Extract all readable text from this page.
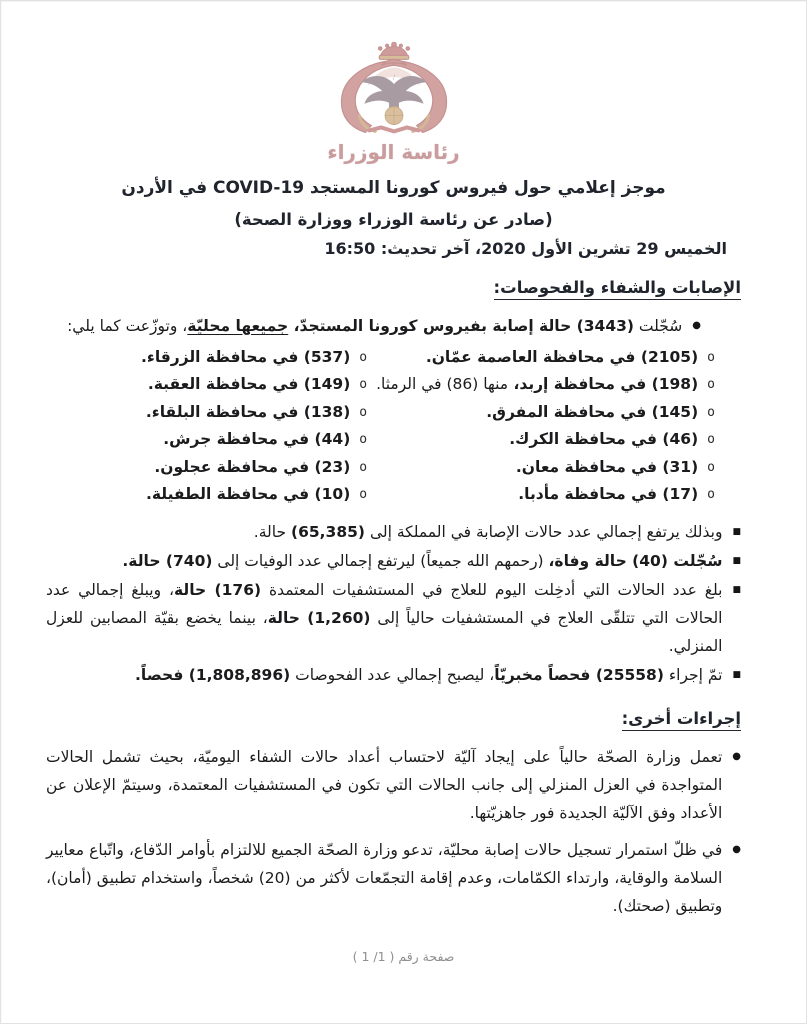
رئاسة الوزراء
موجز إعلامي حول فيروس كورونا المستجد COVID-19 في الأردن
(صادر عن رئاسة الوزراء ووزارة الصحة)
الخميس 29 تشرين الأول 2020، آخر تحديث: 16:50
الإصابات والشفاء والفحوصات:
●
سُجّلت (3443) حالة إصابة بفيروس كورونا المستجدّ، جميعها محليّة، وتوزّعت كما يلي:
o
(2105) في محافظة العاصمة عمّان.
o
(198) في محافظة إربد، منها (86) في الرمثا.
o
(145) في محافظة المفرق.
o
(46) في محافظة الكرك.
o
(31) في محافظة معان.
o
(17) في محافظة مأدبا.
o
(537) في محافظة الزرقاء.
o
(149) في محافظة العقبة.
o
(138) في محافظة البلقاء.
o
(44) في محافظة جرش.
o
(23) في محافظة عجلون.
o
(10) في محافظة الطفيلة.
■
وبذلك يرتفع إجمالي عدد حالات الإصابة في المملكة إلى (65,385) حالة.
■
سُجّلت (40) حالة وفاة، (رحمهم الله جميعاً) ليرتفع إجمالي عدد الوفيات إلى (740) حالة.
■
بلغ عدد الحالات التي أدخِلت اليوم للعلاج في المستشفيات المعتمدة (176) حالة، ويبلغ إجمالي عدد الحالات التي تتلقّى العلاج في المستشفيات حالياً إلى (1,260) حالة، بينما يخضع بقيّة المصابين للعزل المنزلي.
■
تمّ إجراء (25558) فحصاً مخبريّاً، ليصبح إجمالي عدد الفحوصات (1,808,896) فحصاً.
إجراءات أخرى:
●
تعمل وزارة الصحّة حالياً على إيجاد آليّة لاحتساب أعداد حالات الشفاء اليوميّة، بحيث تشمل الحالات المتواجدة في العزل المنزلي إلى جانب الحالات التي تكون في المستشفيات المعتمدة، وسيتمّ الإعلان عن الأعداد وفق الآليّة الجديدة فور جاهزيّتها.
●
في ظلّ استمرار تسجيل حالات إصابة محليّة، تدعو وزارة الصحّة الجميع للالتزام بأوامر الدّفاع، واتّباع معايير السلامة والوقاية، وارتداء الكمّامات، وعدم إقامة التجمّعات لأكثر من (20) شخصاً، واستخدام تطبيق (أمان)، وتطبيق (صحتك).
صفحة رقم ( 1/ 1 )
